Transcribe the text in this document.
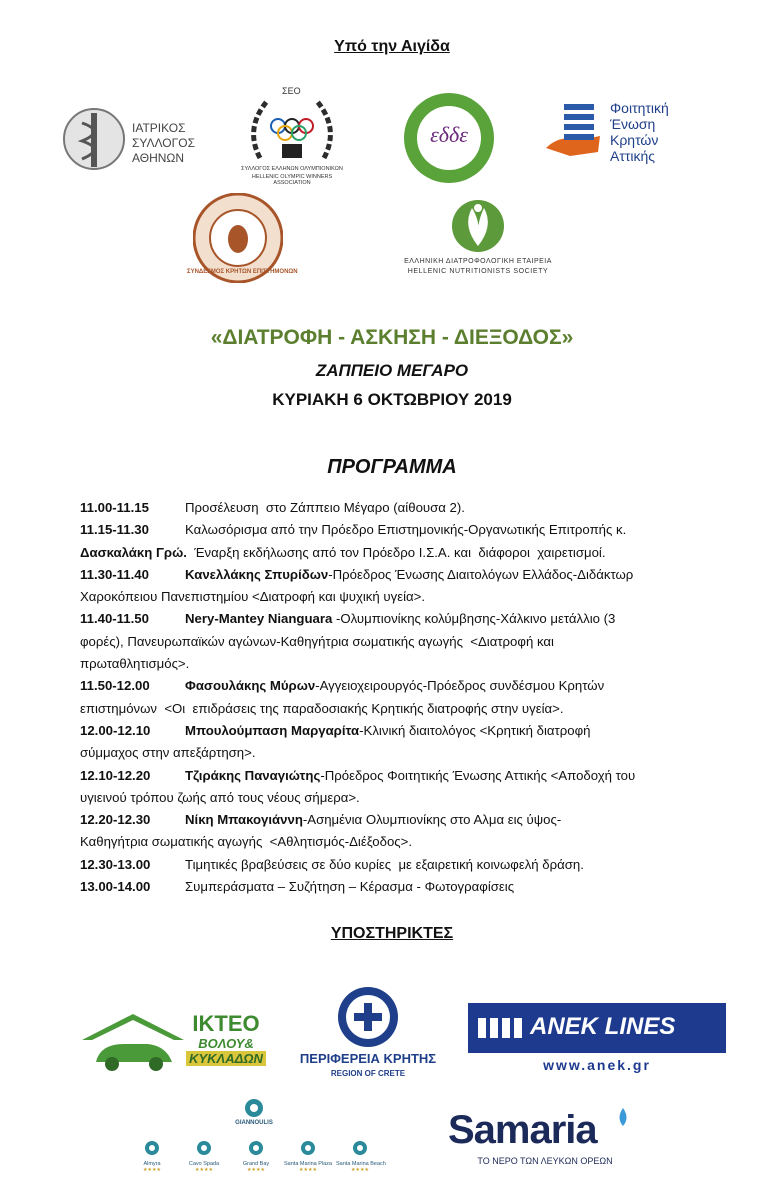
Υπό την Αιγίδα
ΙΑΤΡΙΚΟΣ
ΣΥΛΛΟΓΟΣ
ΑΘΗΝΩΝ
ΣΕΟ
ΣΥΛΛΟΓΟΣ ΕΛΛΗΝΩΝ ΟΛΥΜΠΙΟΝΙΚΩΝ
HELLENIC OLYMPIC WINNERS ASSOCIATION
εδδε
Φοιτητική
Ένωση
Κρητών
Αττικής
ΣΥΝΔΕΣΜΟΣ ΚΡΗΤΩΝ ΕΠΙΣΤΗΜΟΝΩΝ
ΕΛΛΗΝΙΚΗ ΔΙΑΤΡΟΦΟΛΟΓΙΚΗ ΕΤΑΙΡΕΙΑ
HELLENIC NUTRITIONISTS SOCIETY
«ΔΙΑΤΡΟΦΗ - ΑΣΚΗΣΗ - ΔΙΕΞΟΔΟΣ»
ΖΑΠΠΕΙΟ ΜΕΓΑΡΟ
ΚΥΡΙΑΚΗ 6 ΟΚΤΩΒΡΙΟΥ 2019
ΠΡΟΓΡΑΜΜΑ
11.00-11.15	Προσέλευση  στο Ζάππειο Μέγαρο (αίθουσα 2).
11.15-11.30	Καλωσόρισμα από την Πρόεδρο Επιστημονικής-Οργανωτικής Επιτροπής κ.
Δασκαλάκη Γρώ.  Έναρξη εκδήλωσης από τον Πρόεδρο Ι.Σ.Α. και  διάφοροι  χαιρετισμοί.
11.30-11.40	Κανελλάκης Σπυρίδων-Πρόεδρος Ένωσης Διαιτολόγων Ελλάδος-Διδάκτωρ
Χαροκόπειου Πανεπιστημίου <Διατροφή και ψυχική υγεία>.
11.40-11.50	Nery-Mantey Nianguara -Ολυμπιονίκης κολύμβησης-Χάλκινο μετάλλιο (3
φορές), Πανευρωπαϊκών αγώνων-Καθηγήτρια σωματικής αγωγής  <Διατροφή και
πρωταθλητισμός>.
11.50-12.00	Φασουλάκης Μύρων-Αγγειοχειρουργός-Πρόεδρος συνδέσμου Κρητών
επιστημόνων  <Οι  επιδράσεις της παραδοσιακής Κρητικής διατροφής στην υγεία>.
12.00-12.10	Μπουλούμπαση Μαργαρίτα-Κλινική διαιτολόγος <Κρητική διατροφή
σύμμαχος στην απεξάρτηση>.
12.10-12.20	Τζιράκης Παναγιώτης-Πρόεδρος Φοιτητικής Ένωσης Αττικής <Αποδοχή του
υγιεινού τρόπου ζωής από τους νέους σήμερα>.
12.20-12.30	Νίκη Μπακογιάννη-Ασημένια Ολυμπιονίκης στο Αλμα εις ύψος-
Καθηγήτρια σωματικής αγωγής  <Αθλητισμός-Διέξοδος>.
12.30-13.00	Τιμητικές βραβεύσεις σε δύο κυρίες  με εξαιρετική κοινωφελή δράση.
13.00-14.00	Συμπεράσματα – Συζήτηση – Κέρασμα - Φωτογραφίσεις
ΥΠΟΣΤΗΡΙΚΤΕΣ
ΙΚΤΕΟ
ΒΟΛΟΥ&
ΚΥΚΛΑΔΩΝ	ΠΕΡΙΦΕΡΕΙΑ ΚΡΗΤΗΣ
REGION OF CRETE
ANEK LINES
www.anek.gr
GIANNOULIS
Almyra
★★★★
Cavo Spada
★★★★
Grand Bay
★★★★
Santa Marina Plaza
★★★★
Santa Marina Beach
★★★★
Samaria
ΤΟ ΝΕΡΟ ΤΩΝ ΛΕΥΚΩΝ ΟΡΕΩΝ
